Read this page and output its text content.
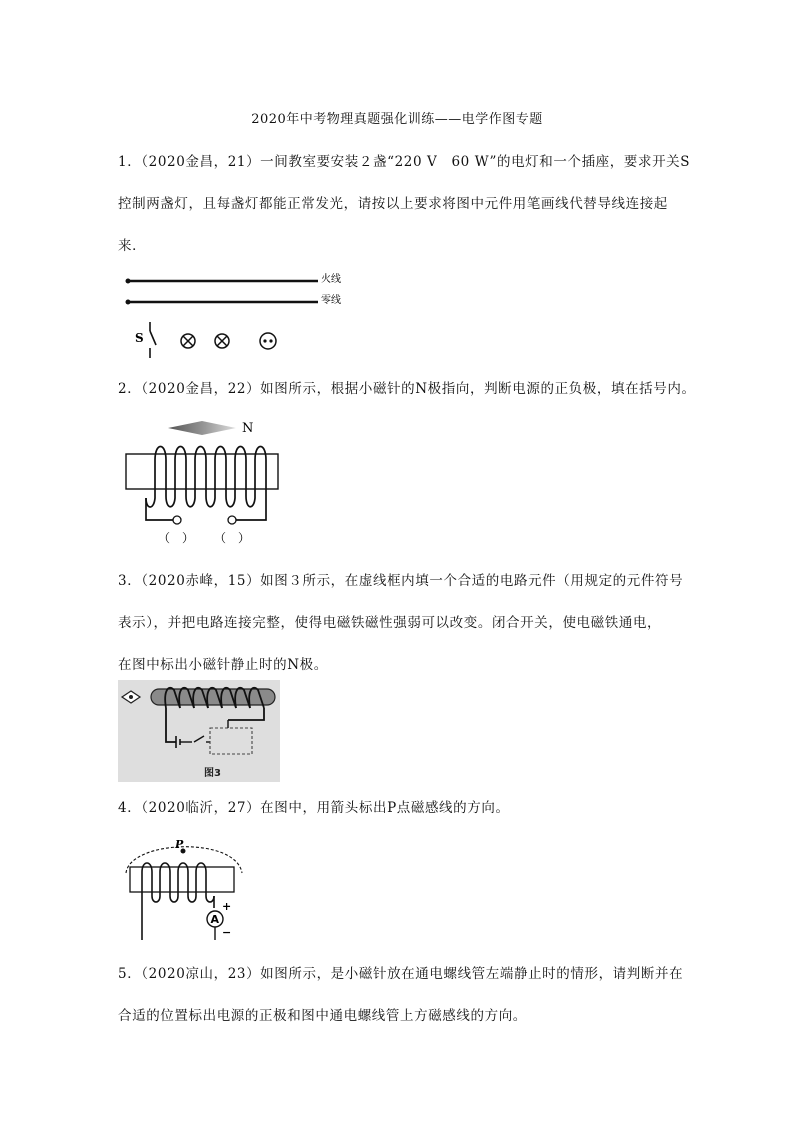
2020年中考物理真题强化训练——电学作图专题
1．（2020金昌，21）一间教室要安装２盏“220 V　60 W”的电灯和一个插座，要求开关S
控制两盏灯，且每盏灯都能正常发光，请按以上要求将图中元件用笔画线代替导线连接起
来．
火线
零线
S
2．（2020金昌，22）如图所示，根据小磁针的N极指向，判断电源的正负极，填在括号内。
N
（　） （　）
3．（2020赤峰，15）如图３所示，在虚线框内填一个合适的电路元件（用规定的元件符号
表示），并把电路连接完整，使得电磁铁磁性强弱可以改变。闭合开关，使电磁铁通电，
在图中标出小磁针静止时的N极。
图3
4．（2020临沂，27）在图中，用箭头标出P点磁感线的方向。
P
A
+
−
5．（2020凉山，23）如图所示，是小磁针放在通电螺线管左端静止时的情形，请判断并在
合适的位置标出电源的正极和图中通电螺线管上方磁感线的方向。
